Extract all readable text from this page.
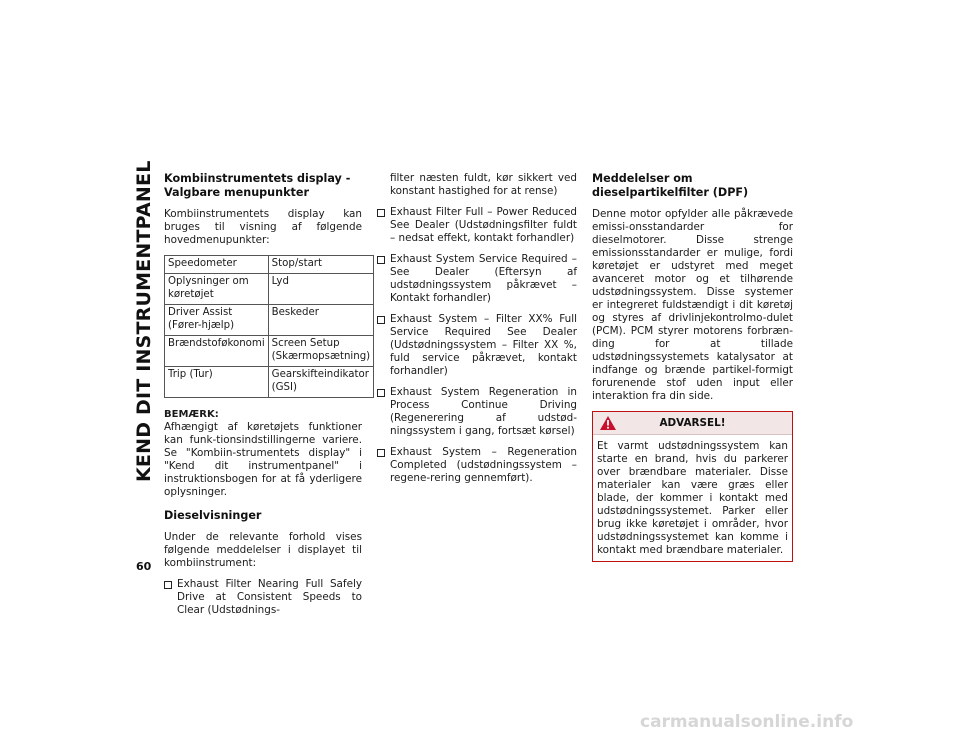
KEND DIT INSTRUMENTPANEL
60
Kombiinstrumentets display - Valgbare menupunkter

Kombiinstrumentets display kan bruges til visning af følgende hovedmenupunkter:

Speedometer	Stop/start
Oplysninger om køretøjet	Lyd
Driver Assist (Fører-hjælp)	Beskeder
Brændstoføkonomi	Screen Setup (Skærmopsætning)
Trip (Tur)	Gearskifteindikator (GSI)
BEMÆRK:

Afhængigt af køretøjets funktioner kan funk-tionsindstillingerne variere. Se "Kombiin-strumentets display" i "Kend dit instrumentpanel" i instruktionsbogen for at få yderligere oplysninger.

Dieselvisninger

Under de relevante forhold vises følgende meddelelser i displayet til kombiinstrument:

Exhaust Filter Nearing Full Safely Drive at Consistent Speeds to Clear (Udstødnings-
filter næsten fuldt, kør sikkert ved konstant hastighed for at rense)
Exhaust Filter Full – Power Reduced See Dealer (Udstødningsfilter fuldt – nedsat effekt, kontakt forhandler)
Exhaust System Service Required – See Dealer (Eftersyn af udstødningssystem påkrævet – Kontakt forhandler)
Exhaust System – Filter XX% Full Service Required See Dealer (Udstødningssystem – Filter XX %, fuld service påkrævet, kontakt forhandler)
Exhaust System Regeneration in Process Continue Driving (Regenerering af udstød-ningssystem i gang, fortsæt kørsel)
Exhaust System – Regeneration Completed (udstødningssystem – regene-rering gennemført).
Meddelelser om dieselpartikelfilter (DPF)

Denne motor opfylder alle påkrævede emissi-onsstandarder for dieselmotorer. Disse strenge emissionsstandarder er mulige, fordi køretøjet er udstyret med meget avanceret motor og et tilhørende udstødningssystem. Disse systemer er integreret fuldstændigt i dit køretøj og styres af drivlinjekontrolmo-dulet (PCM). PCM styrer motorens forbræn-ding for at tillade udstødningssystemets katalysator at indfange og brænde partikel-formigt forurenende stof uden input eller interaktion fra din side.

ADVARSEL!
Et varmt udstødningssystem kan starte en brand, hvis du parkerer over brændbare materialer. Disse materialer kan være græs eller blade, der kommer i kontakt med udstødningssystemet. Parker eller brug ikke køretøjet i områder, hvor udstødningssystemet kan komme i kontakt med brændbare materialer.
carmanualsonline.info
